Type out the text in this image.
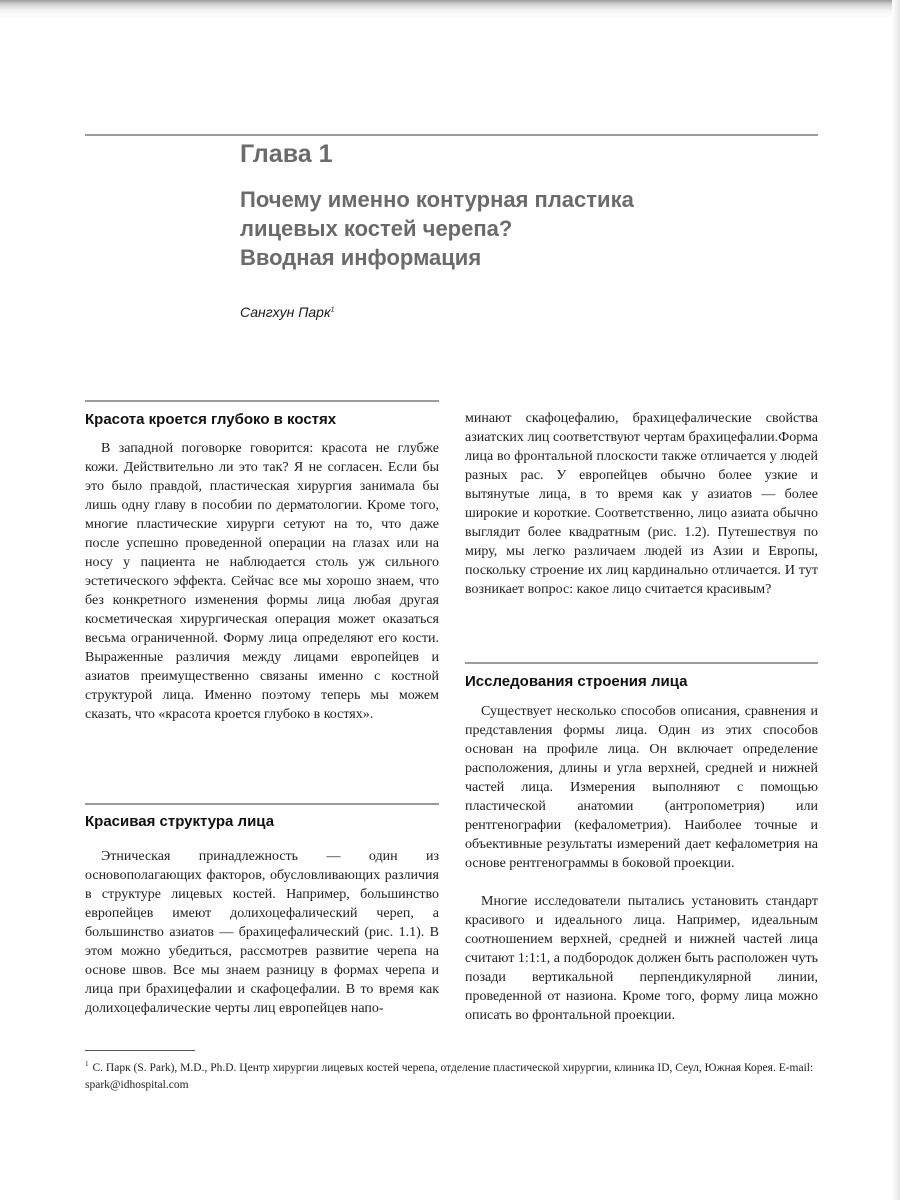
Глава 1
Почему именно контурная пластика
лицевых костей черепа?
Вводная информация
Сангхун Парк$^1$
Красота кроется глубоко в костях

В западной поговорке говорится: красота не глубже кожи. Действительно ли это так? Я не согласен. Если бы это было правдой, пластическая хирургия занимала бы лишь одну главу в пособии по дерматологии. Кроме того, многие пластические хирурги сетуют на то, что даже после успешно проведенной операции на глазах или на носу у пациента не наблюдается столь уж сильного эстетического эффекта. Сейчас все мы хорошо знаем, что без конкретного изменения формы лица любая другая косметическая хирургическая операция может оказаться весьма ограниченной. Форму лица определяют его кости. Выраженные различия между лицами европейцев и азиатов преимущественно связаны именно с костной структурой лица. Именно поэтому теперь мы можем сказать, что «красота кроется глубоко в костях».

Красивая структура лица

Этническая принадлежность — один из основополагающих факторов, обусловливающих различия в структуре лицевых костей. Например, большинство европейцев имеют долихоцефалический череп, а большинство азиатов — брахицефалический (рис. 1.1). В этом можно убедиться, рассмотрев развитие черепа на основе швов. Все мы знаем разницу в формах черепа и лица при брахицефалии и скафоцефалии. В то время как долихоцефалические черты лиц европейцев напо-

минают скафоцефалию, брахицефалические свойства азиатских лиц соответствуют чертам брахицефалии.Форма лица во фронтальной плоскости также отличается у людей разных рас. У европейцев обычно более узкие и вытянутые лица, в то время как у азиатов — более широкие и короткие. Соответственно, лицо азиата обычно выглядит более квадратным (рис. 1.2). Путешествуя по миру, мы легко различаем людей из Азии и Европы, поскольку строение их лиц кардинально отличается. И тут возникает вопрос: какое лицо считается красивым?

Исследования строения лица

Существует несколько способов описания, сравнения и представления формы лица. Один из этих способов основан на профиле лица. Он включает определение расположения, длины и угла верхней, средней и нижней частей лица. Измерения выполняют с помощью пластической анатомии (антропометрия) или рентгенографии (кефалометрия). Наиболее точные и объективные результаты измерений дает кефалометрия на основе рентгенограммы в боковой проекции.

Многие исследователи пытались установить стандарт красивого и идеального лица. Например, идеальным соотношением верхней, средней и нижней частей лица считают 1:1:1, а подбородок должен быть расположен чуть позади вертикальной перпендикулярной линии, проведенной от назиона. Кроме того, форму лица можно описать во фронтальной проекции.

$^1$ С. Парк (S. Park), M.D., Ph.D. Центр хирургии лицевых костей черепа, отделение пластической хирургии, клиника ID, Сеул, Южная Корея. E-mail: spark@idhospital.com
